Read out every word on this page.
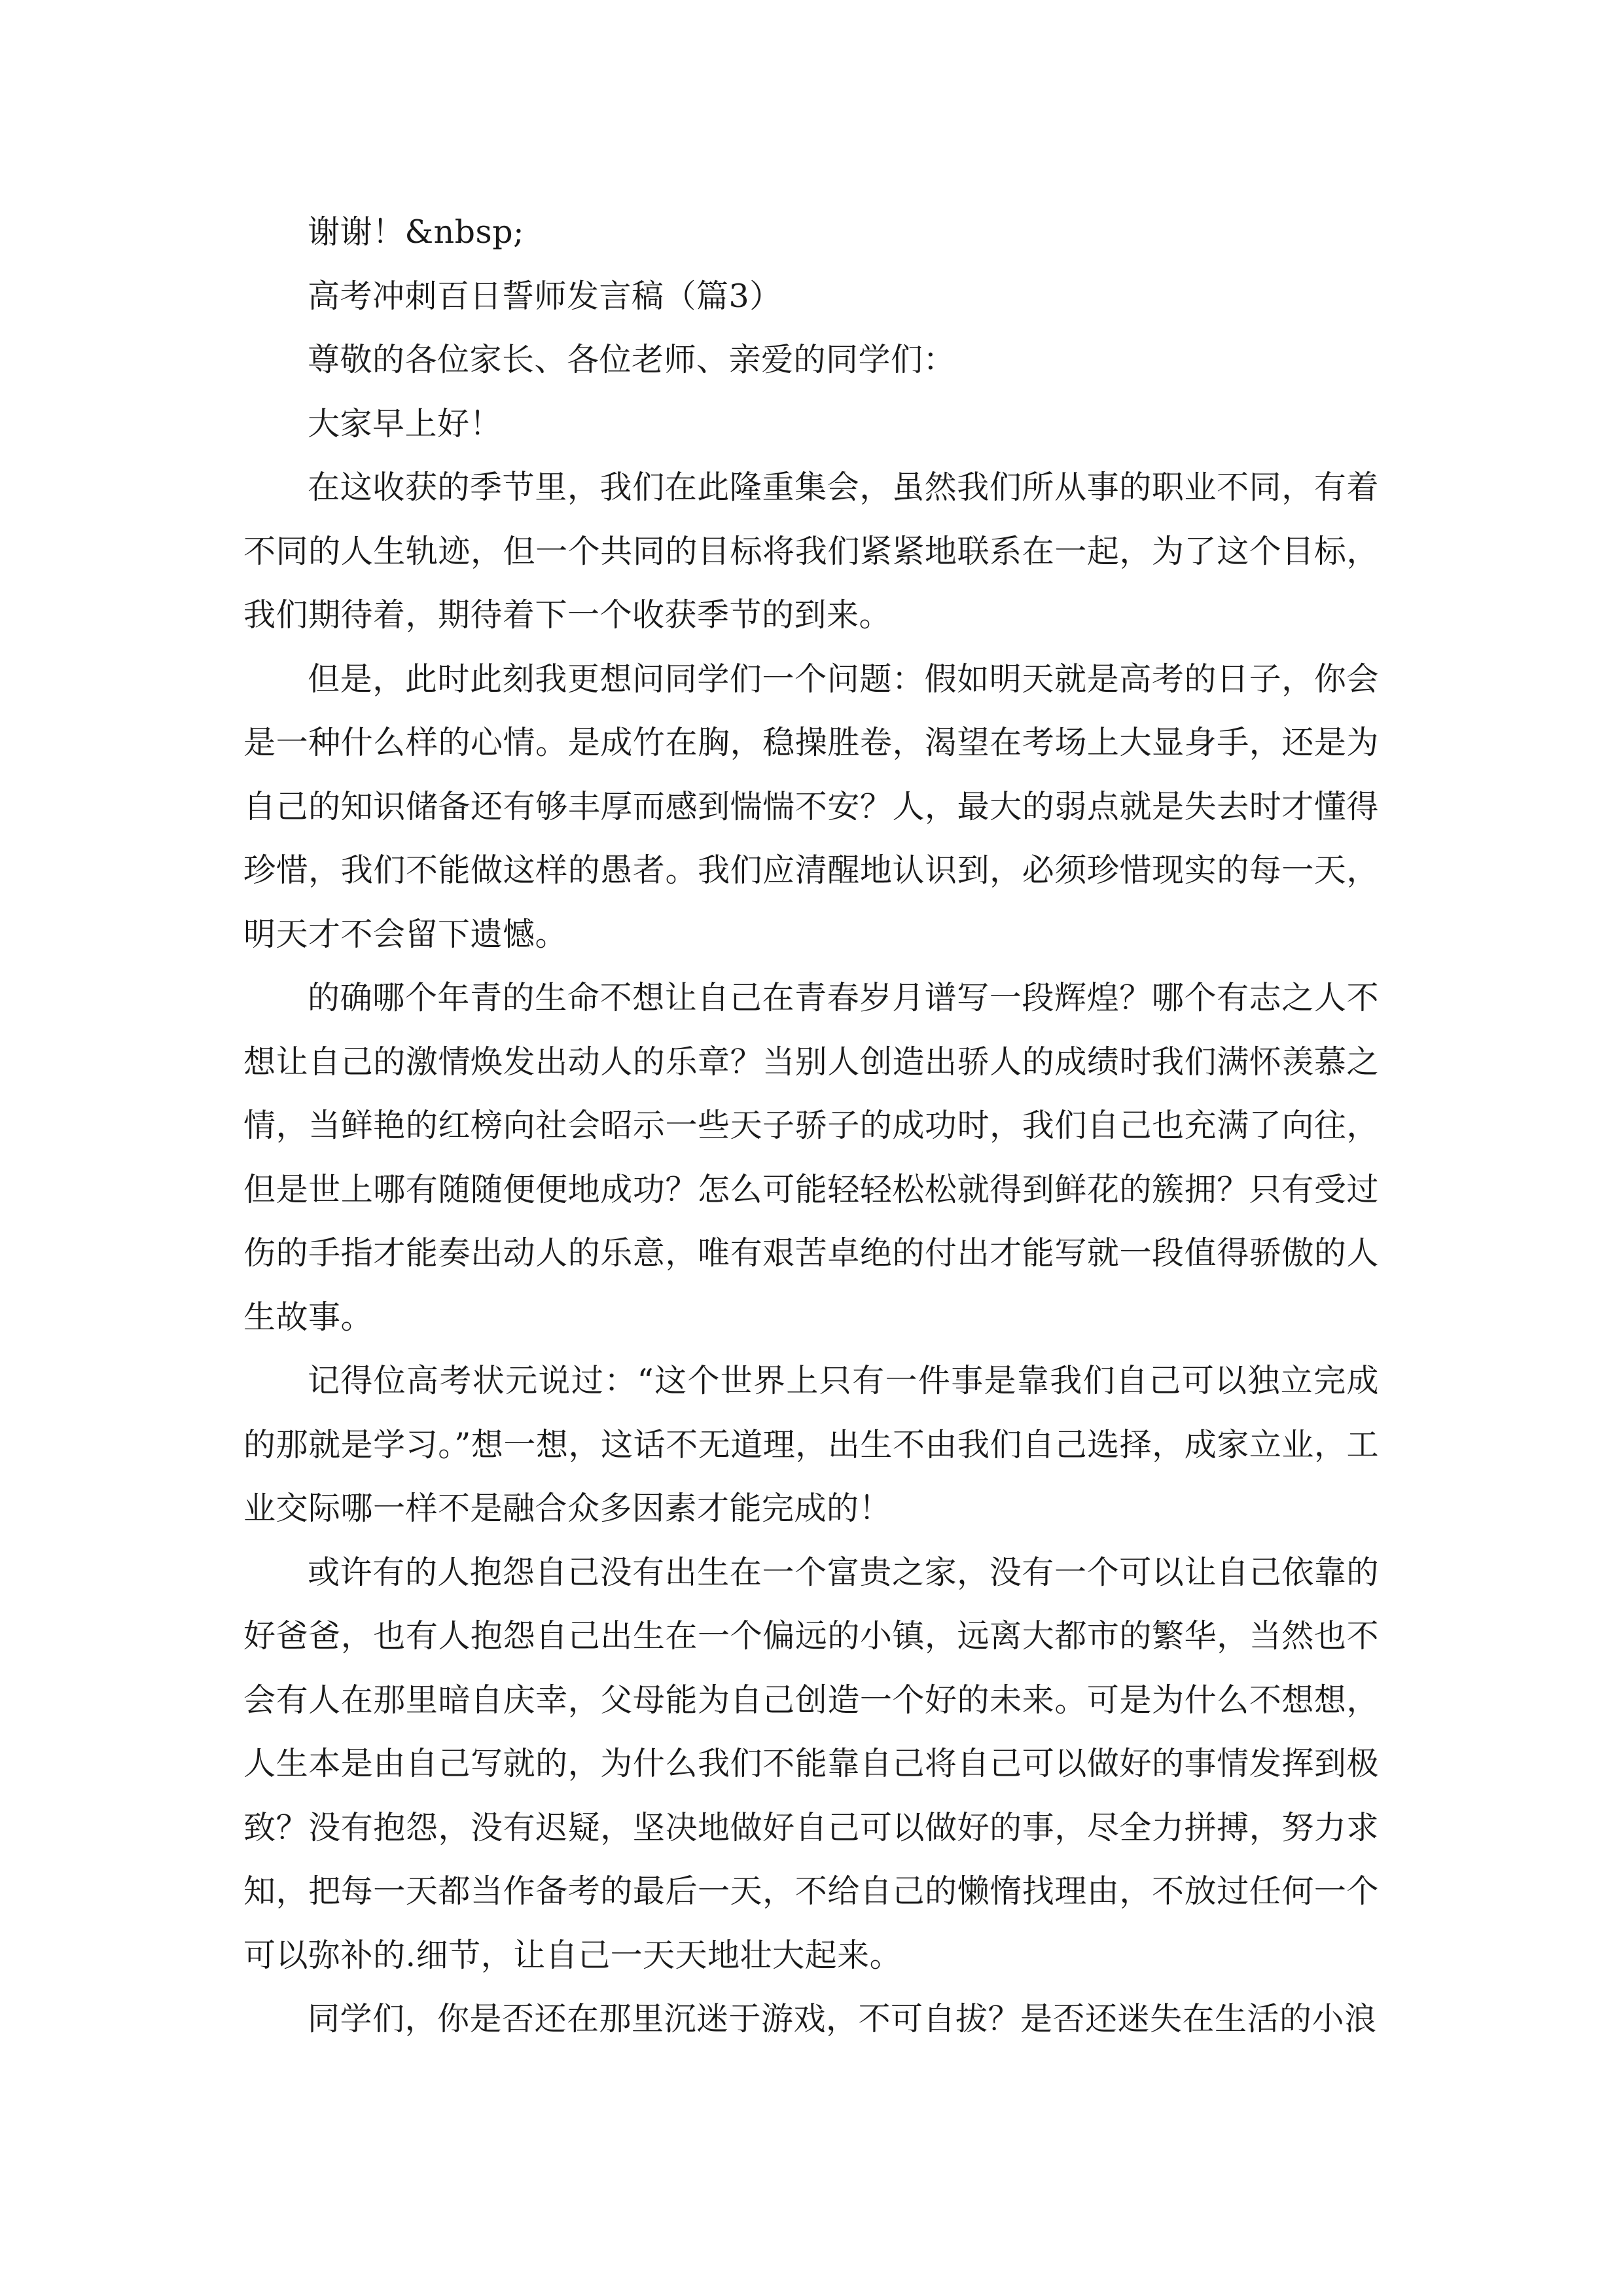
谢谢！&nbsp;

高考冲刺百日誓师发言稿（篇3）

尊敬的各位家长、各位老师、亲爱的同学们：

大家早上好！

在这收获的季节里，我们在此隆重集会，虽然我们所从事的职业不同，有着不同的人生轨迹，但一个共同的目标将我们紧紧地联系在一起，为了这个目标，我们期待着，期待着下一个收获季节的到来。

但是，此时此刻我更想问同学们一个问题：假如明天就是高考的日子，你会是一种什么样的心情。是成竹在胸，稳操胜卷，渴望在考场上大显身手，还是为自己的知识储备还有够丰厚而感到惴惴不安？人，最大的弱点就是失去时才懂得珍惜，我们不能做这样的愚者。我们应清醒地认识到，必须珍惜现实的每一天，明天才不会留下遗憾。

的确哪个年青的生命不想让自己在青春岁月谱写一段辉煌？哪个有志之人不想让自己的激情焕发出动人的乐章？当别人创造出骄人的成绩时我们满怀羡慕之情，当鲜艳的红榜向社会昭示一些天子骄子的成功时，我们自己也充满了向往，但是世上哪有随随便便地成功？怎么可能轻轻松松就得到鲜花的簇拥？只有受过伤的手指才能奏出动人的乐意，唯有艰苦卓绝的付出才能写就一段值得骄傲的人生故事。

记得位高考状元说过：“这个世界上只有一件事是靠我们自己可以独立完成的那就是学习。”想一想，这话不无道理，出生不由我们自己选择，成家立业，工业交际哪一样不是融合众多因素才能完成的！

或许有的人抱怨自己没有出生在一个富贵之家，没有一个可以让自己依靠的好爸爸，也有人抱怨自己出生在一个偏远的小镇，远离大都市的繁华，当然也不会有人在那里暗自庆幸，父母能为自己创造一个好的未来。可是为什么不想想，人生本是由自己写就的，为什么我们不能靠自己将自己可以做好的事情发挥到极致？没有抱怨，没有迟疑，坚决地做好自己可以做好的事，尽全力拼搏，努力求知，把每一天都当作备考的最后一天，不给自己的懒惰找理由，不放过任何一个可以弥补的.细节，让自己一天天地壮大起来。

同学们，你是否还在那里沉迷于游戏，不可自拔？是否还迷失在生活的小浪
